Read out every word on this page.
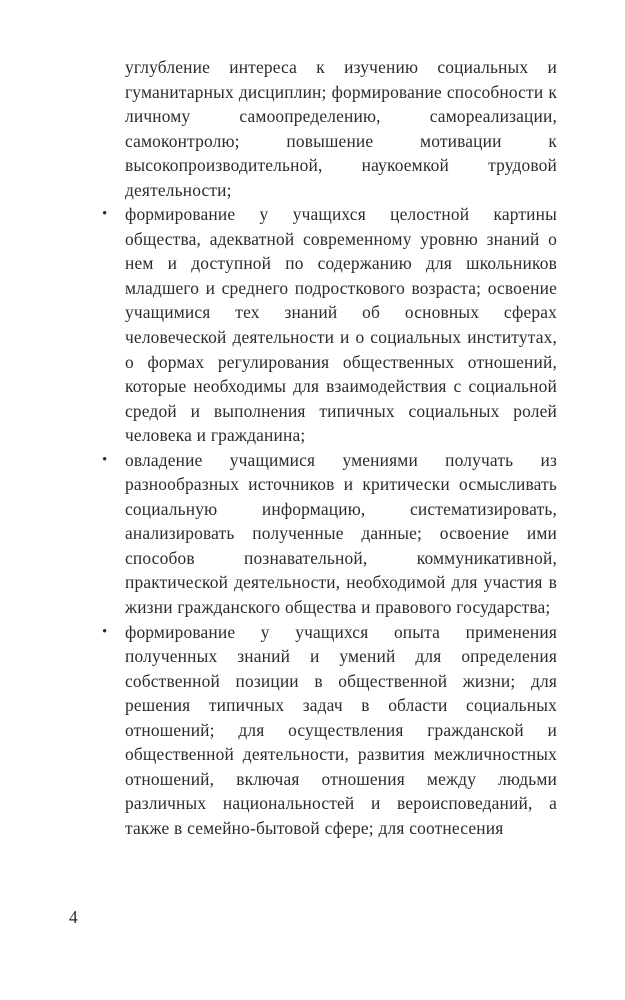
углубление интереса к изучению социальных и гуманитарных дисциплин; формирование способности к личному самоопределению, самореализации, самоконтролю; повышение мотивации к высокопроизводительной, наукоемкой трудовой деятельности;

• формирование у учащихся целостной картины общества, адекватной современному уровню знаний о нем и доступной по содержанию для школьников младшего и среднего подросткового возраста; освоение учащимися тех знаний об основных сферах человеческой деятельности и о социальных институтах, о формах регулирования общественных отношений, которые необходимы для взаимодействия с социальной средой и выполнения типичных социальных ролей человека и гражданина;

• овладение учащимися умениями получать из разнообразных источников и критически осмысливать социальную информацию, систематизировать, анализировать полученные данные; освоение ими способов познавательной, коммуникативной, практической деятельности, необходимой для участия в жизни гражданского общества и правового государства;

• формирование у учащихся опыта применения полученных знаний и умений для определения собственной позиции в общественной жизни; для решения типичных задач в области социальных отношений; для осуществления гражданской и общественной деятельности, развития межличностных отношений, включая отношения между людьми различных национальностей и вероисповеданий, а также в семейно-бытовой сфере; для соотнесения

4
